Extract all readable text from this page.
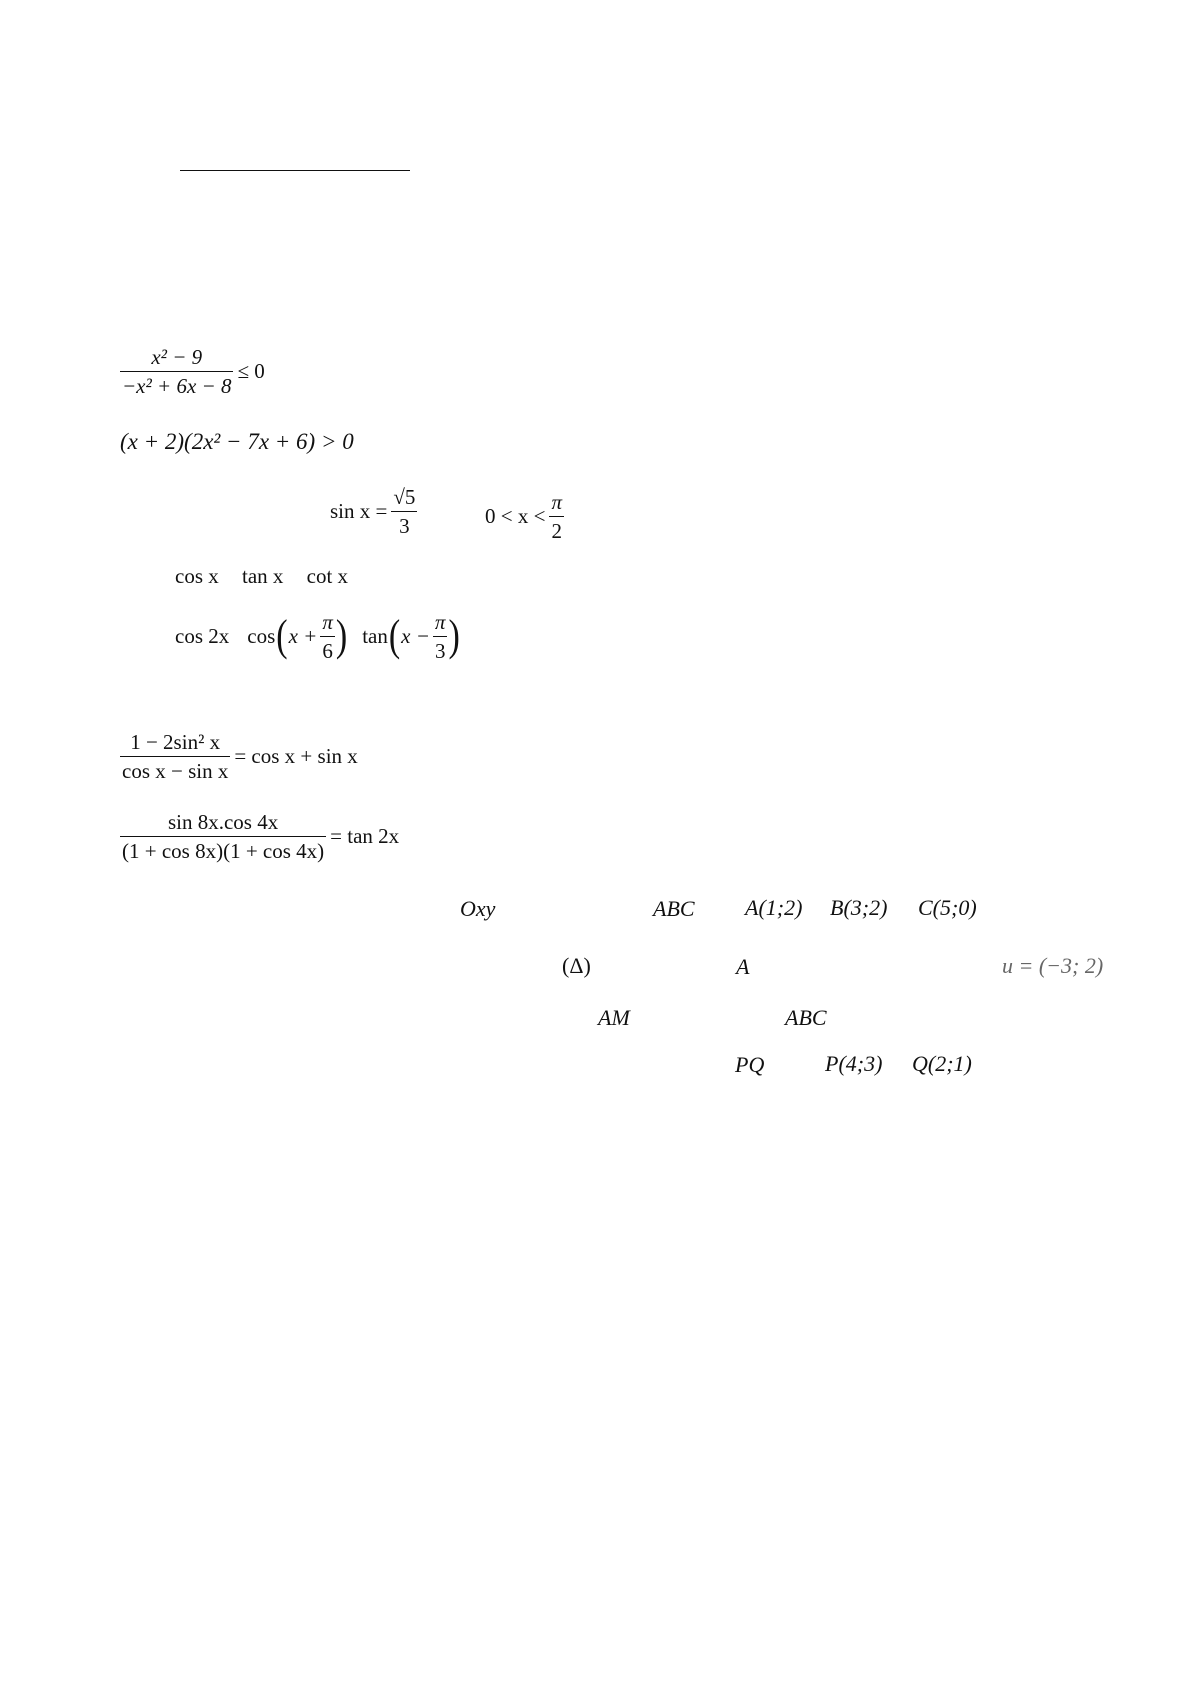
$\frac{\text{x² − 9}}{\text{−x² + 6x − 8}} \le 0$
(x + 2)(2x² − 7x + 6) > 0
$\sin x = \frac{√5}{3}$	$0 < x < \frac{\pi}{2}$
cos x tan x cot x
cos 2x cos ( $x + \frac{\pi}{6}$ ) tan ( $x - \frac{\pi}{3}$ )
$\frac{\text{1 − 2sin² x}}{\text{cos x − sin x}} = \cos x + \sin x$
$\frac{\sin 8x.\cos 4x}{(1 + \cos 8x)(1 + \cos 4x)} = \tan 2x$
Oxy	ABC A(1;2) B(3;2) C(5;0)
(Δ)	A	u = (−3; 2)
AM	ABC
PQ	P(4;3) Q(2;1)
